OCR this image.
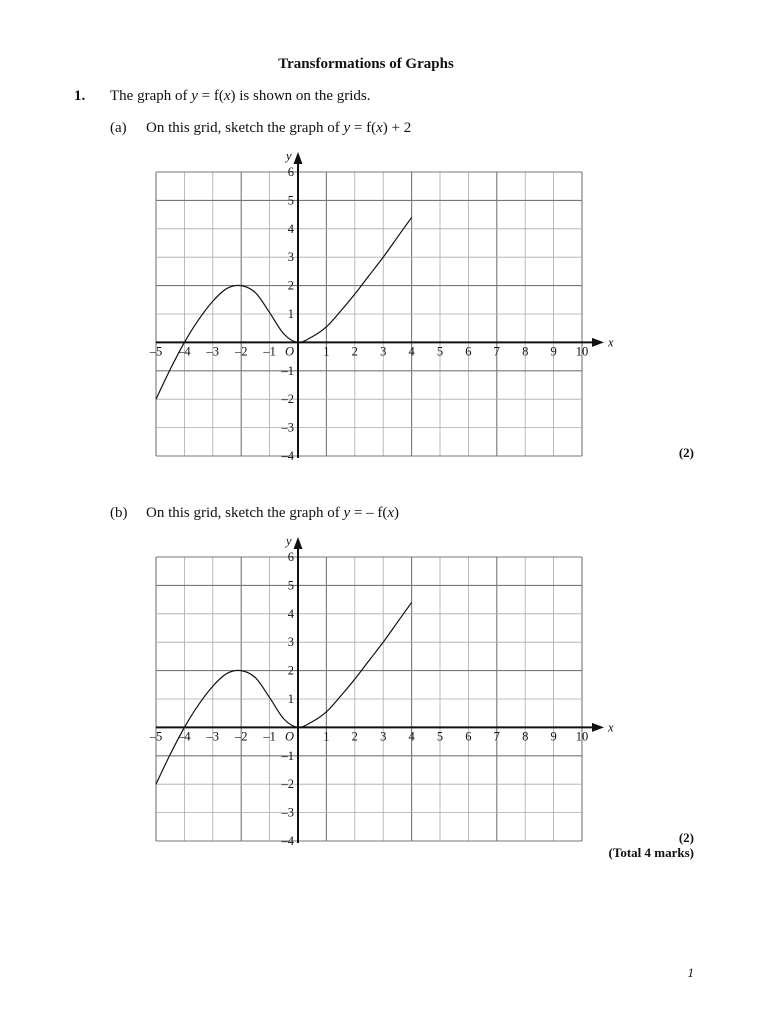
Transformations of Graphs
1. The graph of y = f(x) is shown on the grids.
(a) On this grid, sketch the graph of y = f(x) + 2
x
y
O
–5 –4 –3 –2 –1	1 2 3 4 5 6 7 8 9 10
–4
–3
–2
–1
1
2
3
4
5
6
(2)
(b) On this grid, sketch the graph of y = – f(x)
x
y
O
–5 –4 –3 –2 –1	1 2 3 4 5 6 7 8 9 10
–4
–3
–2
–1
1
2
3
4
5
6
(2)
(Total 4 marks)
1
